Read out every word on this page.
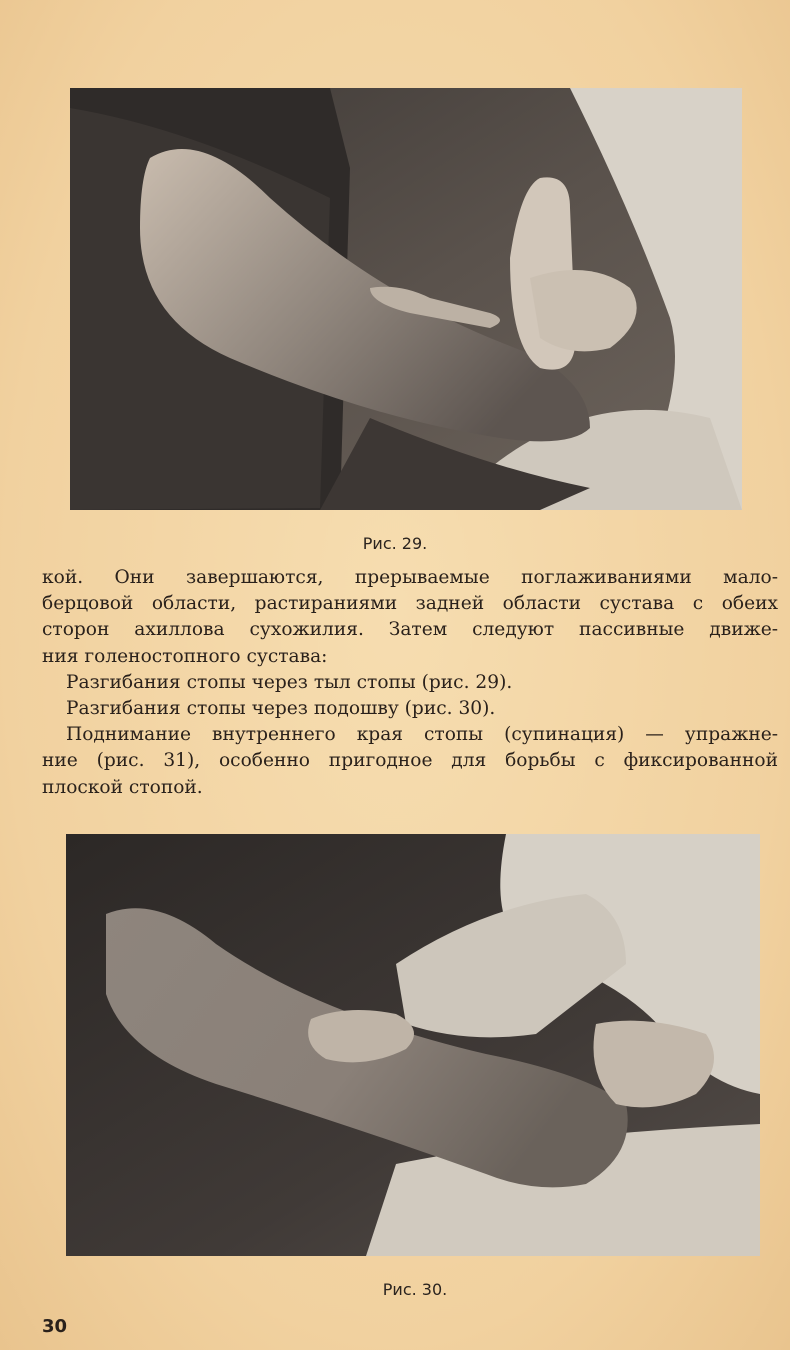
Рис. 29.
кой. Они завершаются, прерываемые поглаживаниями мало-
берцовой области, растираниями задней области сустава с обеих
сторон ахиллова сухожилия. Затем следуют пассивные движе-
ния голеностопного сустава:
Разгибания стопы через тыл стопы (рис. 29).
Разгибания стопы через подошву (рис. 30).
Поднимание внутреннего края стопы (супинация) — упражне-
ние (рис. 31), особенно пригодное для борьбы с фиксированной
плоской стопой.
Рис. 30.
30
